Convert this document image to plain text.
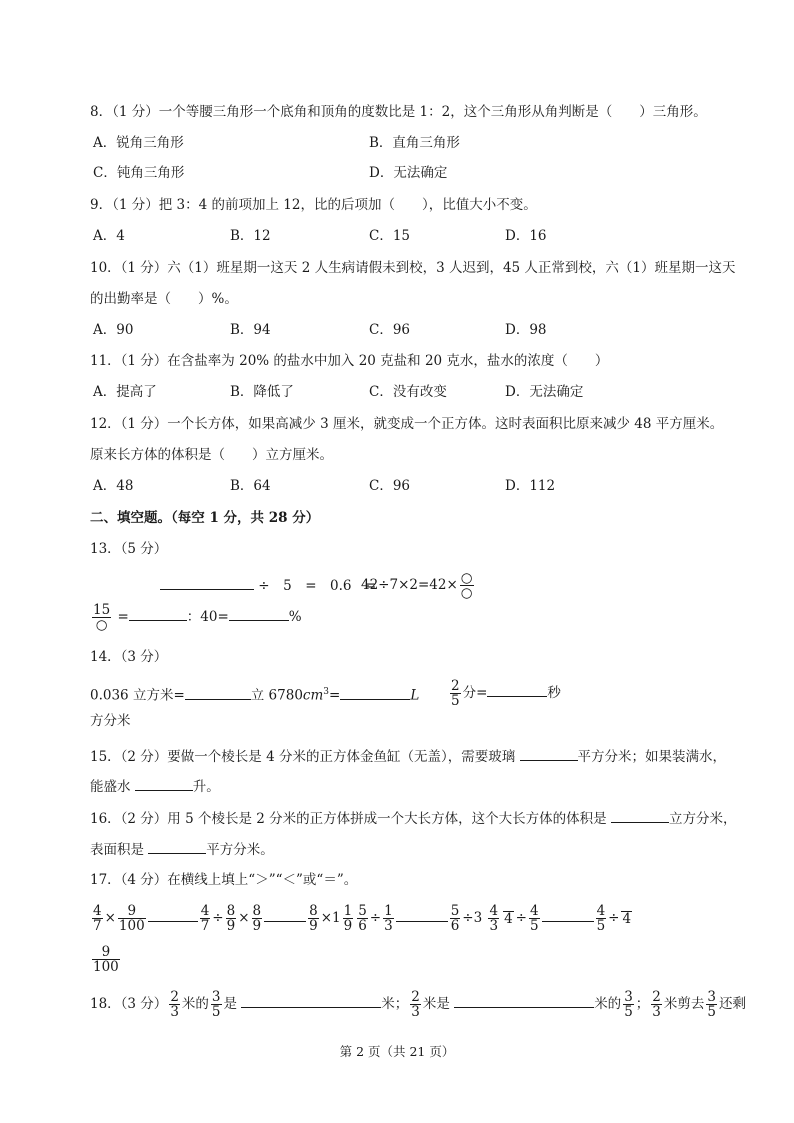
8．（1 分）一个等腰三角形一个底角和顶角的度数比是 1：2，这个三角形从角判断是（　　）三角形。
A．锐角三角形	B．直角三角形
C．钝角三角形	D．无法确定
9．（1 分）把 3：4 的前项加上 12，比的后项加（　　），比值大小不变。
A．4	B．12	C．15	D．16
10．（1 分）六（1）班星期一这天 2 人生病请假未到校，3 人迟到，45 人正常到校，六（1）班星期一这天
的出勤率是（　　）%。
A．90	B．94	C．96	D．98
11．（1 分）在含盐率为 20% 的盐水中加入 20 克盐和 20 克水，盐水的浓度（　　）
A．提高了	B．降低了	C．没有改变	D．无法确定
12．（1 分）一个长方体，如果高减少 3 厘米，就变成一个正方体。这时表面积比原来减少 48 平方厘米。
原来长方体的体积是（　　）立方厘米。
A．48	B．64	C．96	D．112
二、填空题。（每空 1 分，共 28 分）
13．（5 分）
÷　5　=　0.6　=
$42\div 7\times 2=42\times \frac{○}{○}$
$\frac{15}{○}$ =	：40=	%
14．（3 分）
0.036 立方米=	立 $6780cm^3=$	L $\frac{2}{5}$ 分=	秒
方分米
15．（2 分）要做一个棱长是 4 分米的正方体金鱼缸（无盖），需要玻璃	平方分米；如果装满水，
能盛水	升。
16．（2 分）用 5 个棱长是 2 分米的正方体拼成一个大长方体，这个大长方体的体积是	立方分米，
表面积是	平方分米。
17．（4 分）在横线上填上“＞”“＜”或“＝”。
$\frac{4}{7} \times \frac{9}{100}$	$\frac{4}{7} \div \frac{8}{9} \times \frac{8}{9}$	$\frac{8}{9} \times 1 \frac{1}{9} \frac{5}{6} \div \frac{1}{3}$	$\frac{5}{6} \div 3 \frac{4}{3} 4 \div \frac{4}{5}$	$\frac{4}{5} \div 4$
$\frac{9}{100}$
18．（3 分） $\frac{2}{3}$ 米的 $\frac{3}{5}$ 是	米； $\frac{2}{3}$ 米是	米的 $\frac{3}{5}$ ； $\frac{2}{3}$ 米剪去 $\frac{3}{5}$ 还剩
第 2 页（共 21 页）
